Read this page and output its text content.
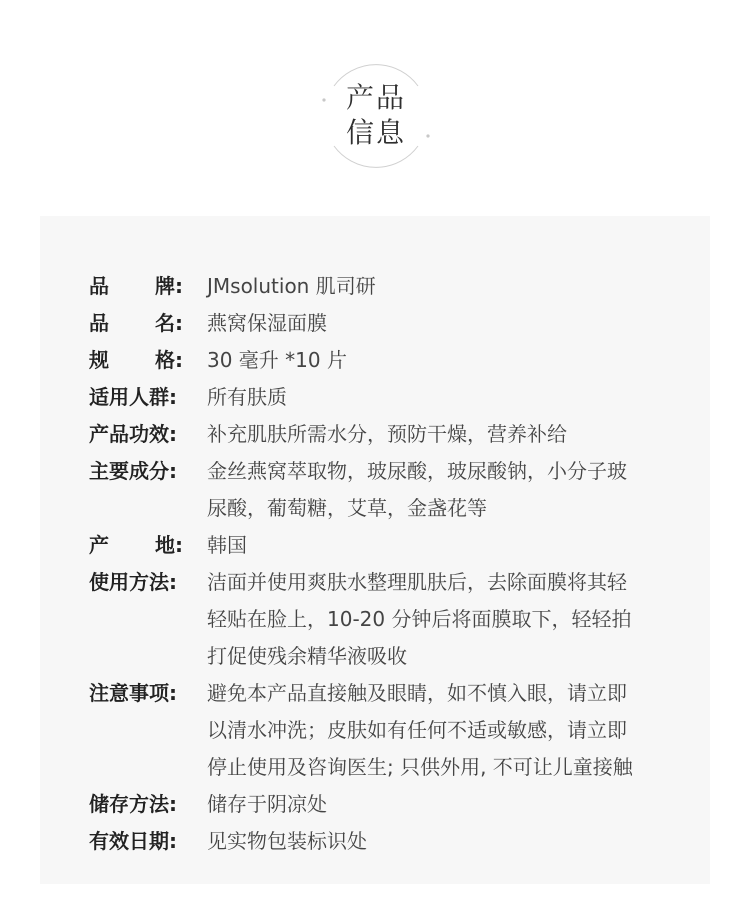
产品
信息
品	牌: JMsolution 肌司研
品	名: 燕窝保湿面膜
规	格: 30 毫升 *10 片
适用人群:	所有肤质
产品功效:	补充肌肤所需水分，预防干燥，营养补给
主要成分:	金丝燕窝萃取物，玻尿酸，玻尿酸钠，小分子玻
尿酸，葡萄糖，艾草，金盏花等
产	地: 韩国
使用方法:	洁面并使用爽肤水整理肌肤后，去除面膜将其轻
轻贴在脸上，10-20 分钟后将面膜取下，轻轻拍
打促使残余精华液吸收
注意事项:	避免本产品直接触及眼睛，如不慎入眼，请立即
以清水冲洗；皮肤如有任何不适或敏感，请立即
停止使用及咨询医生; 只供外用, 不可让儿童接触
储存方法:	储存于阴凉处
有效日期:	见实物包装标识处
